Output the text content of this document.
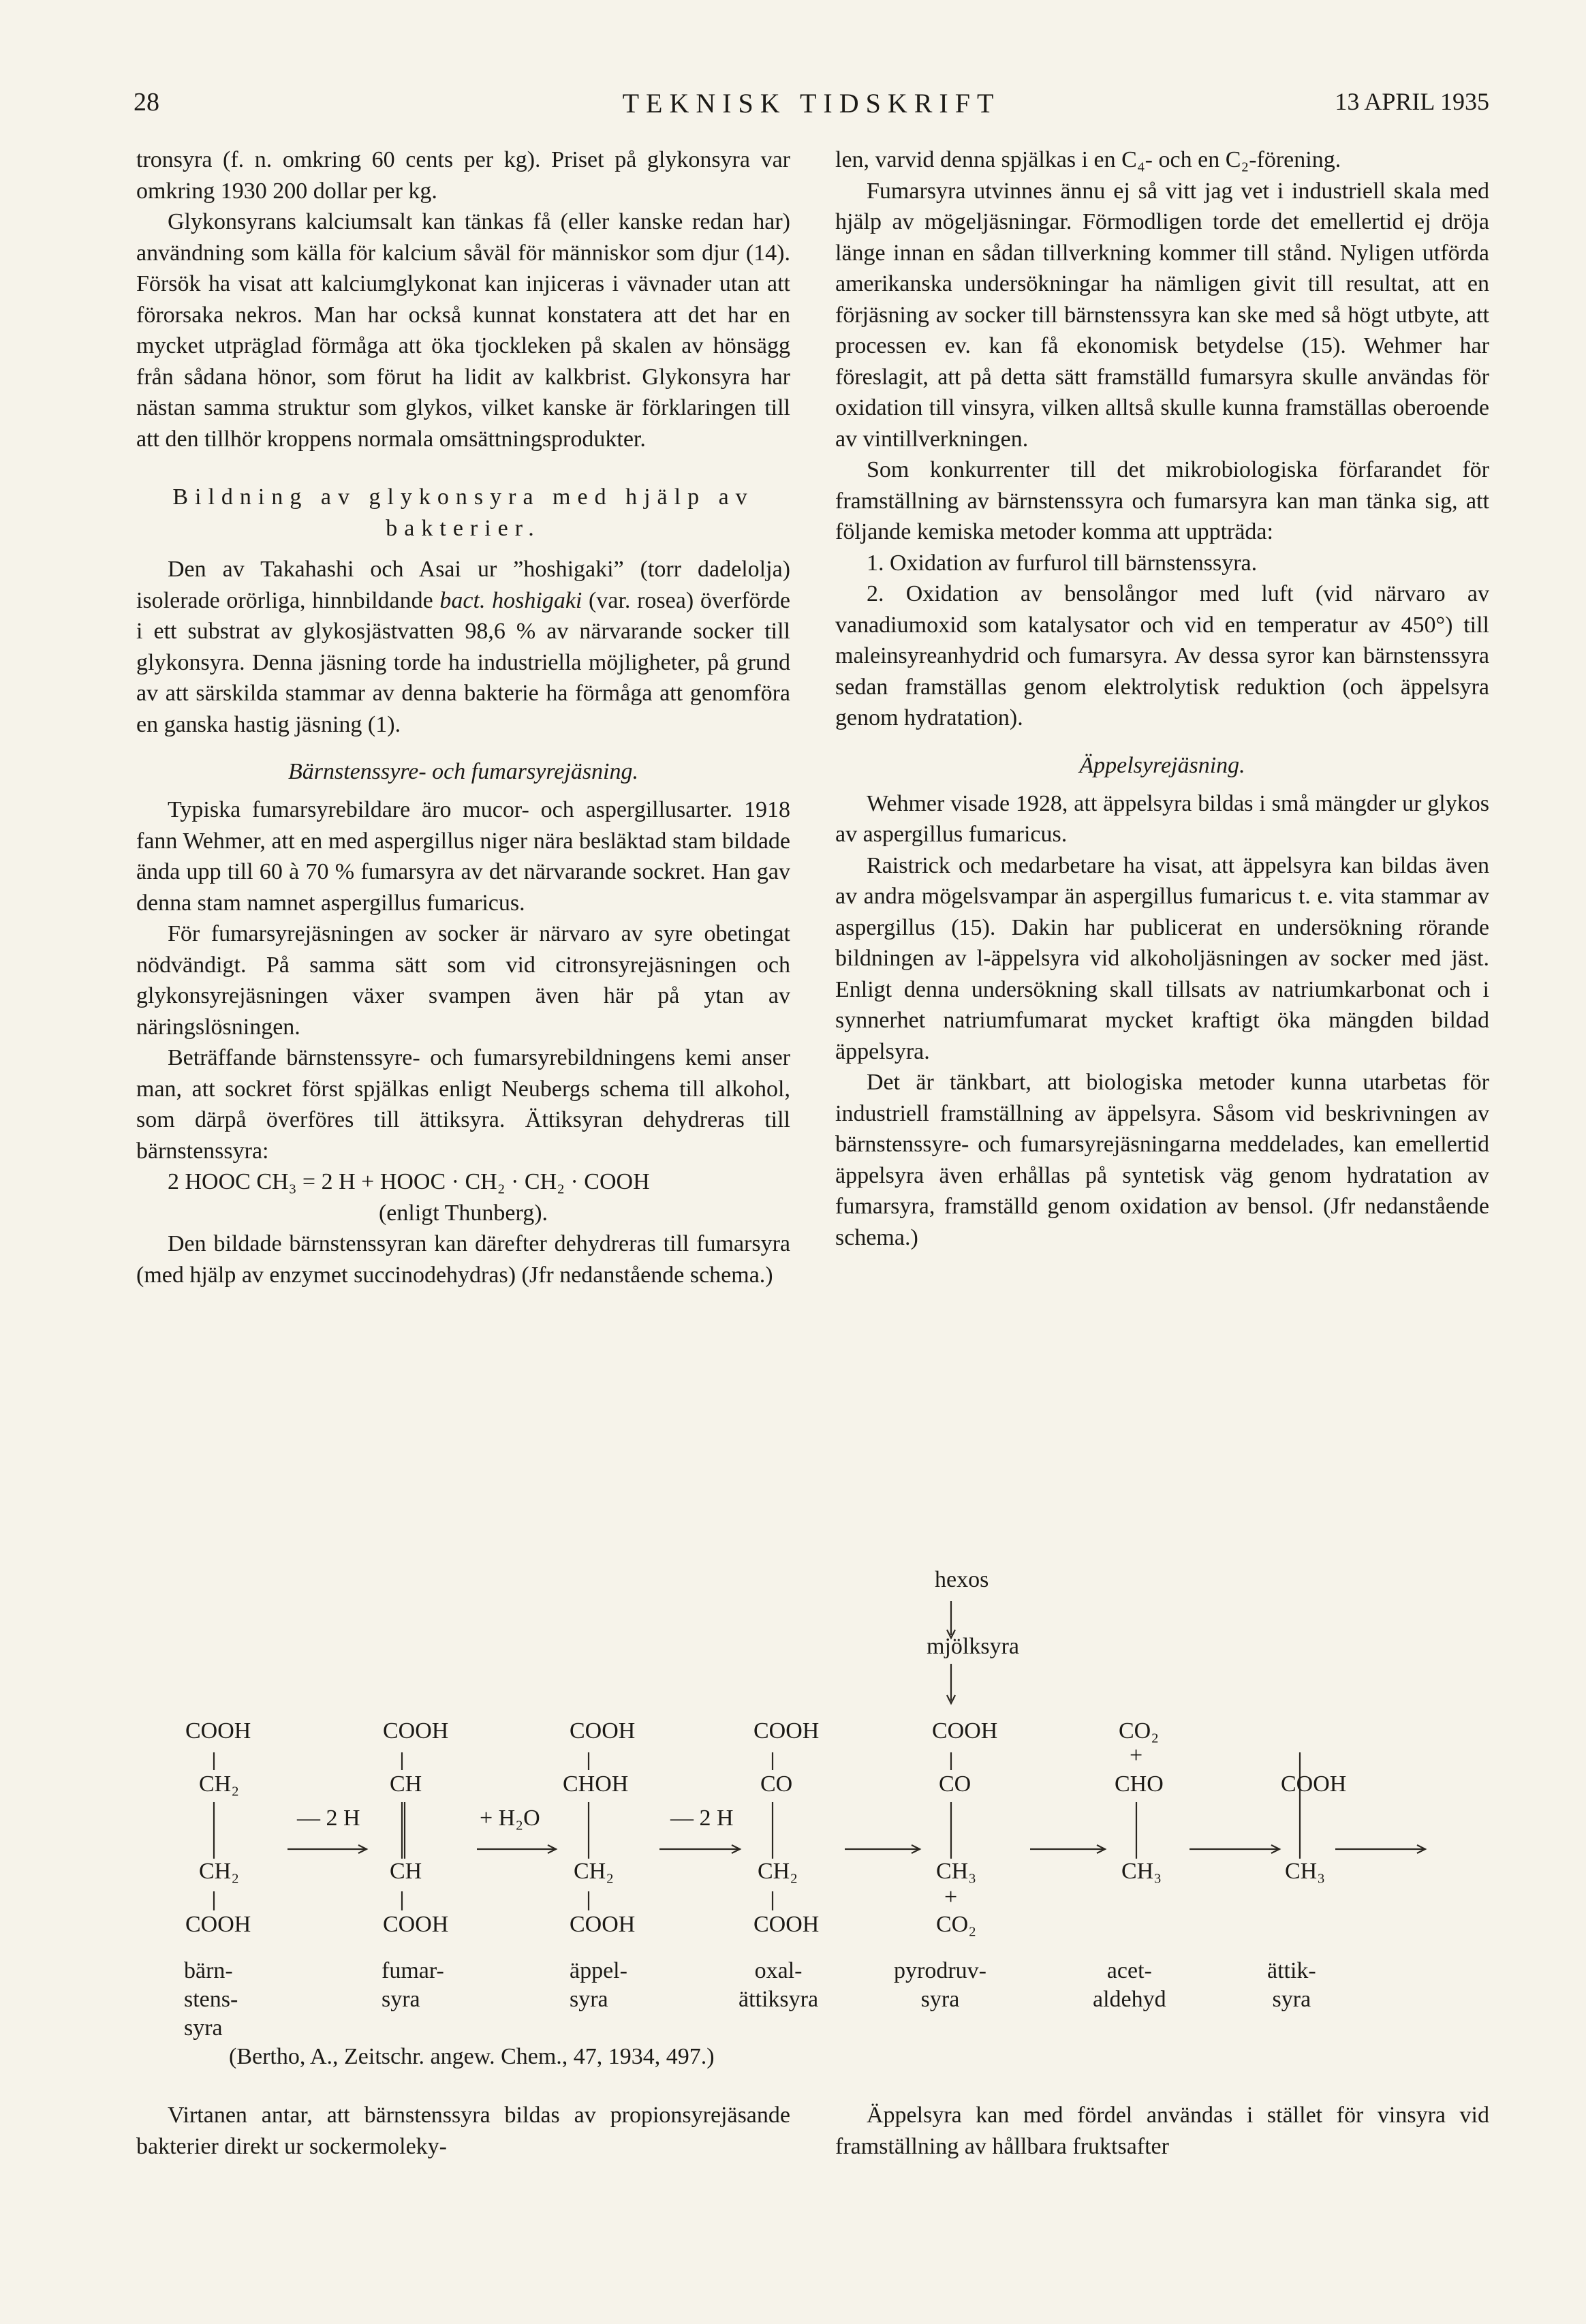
28	TEKNISK TIDSKRIFT	13 APRIL 1935

tronsyra (f. n. omkring 60 cents per kg). Priset på glykonsyra var omkring 1930 200 dollar per kg.

Glykonsyrans kalciumsalt kan tänkas få (eller kanske redan har) användning som källa för kalcium såväl för människor som djur (14). Försök ha visat att kalciumglykonat kan injiceras i vävnader utan att förorsaka nekros. Man har också kunnat konstatera att det har en mycket utpräglad förmåga att öka tjockleken på skalen av hönsägg från sådana hönor, som förut ha lidit av kalkbrist. Glykonsyra har nästan samma struktur som glykos, vilket kanske är förklaringen till att den tillhör kroppens normala omsättningsprodukter.

Bildning av glykonsyra med hjälp av bakterier.

Den av Takahashi och Asai ur ”hoshigaki” (torr dadelolja) isolerade orörliga, hinnbildande bact. hoshigaki (var. rosea) överförde i ett substrat av glykosjästvatten 98,6 % av närvarande socker till glykonsyra. Denna jäsning torde ha industriella möjligheter, på grund av att särskilda stammar av denna bakterie ha förmåga att genomföra en ganska hastig jäsning (1).

Bärnstenssyre- och fumarsyrejäsning.

Typiska fumarsyrebildare äro mucor- och aspergillusarter. 1918 fann Wehmer, att en med aspergillus niger nära besläktad stam bildade ända upp till 60 à 70 % fumarsyra av det närvarande sockret. Han gav denna stam namnet aspergillus fumaricus.

För fumarsyrejäsningen av socker är närvaro av syre obetingat nödvändigt. På samma sätt som vid citronsyrejäsningen och glykonsyrejäsningen växer svampen även här på ytan av näringslösningen.

Beträffande bärnstenssyre- och fumarsyrebildningens kemi anser man, att sockret först spjälkas enligt Neubergs schema till alkohol, som därpå överföres till ättiksyra. Ättiksyran dehydreras till bärnstenssyra:

2 HOOC CH₃ = 2 H + HOOC · CH₂ · CH₂ · COOH

(enligt Thunberg).

Den bildade bärnstenssyran kan därefter dehydreras till fumarsyra (med hjälp av enzymet succinodehydras) (Jfr nedanstående schema.)

len, varvid denna spjälkas i en C₄- och en C₂-förening.

Fumarsyra utvinnes ännu ej så vitt jag vet i industriell skala med hjälp av mögeljäsningar. Förmodligen torde det emellertid ej dröja länge innan en sådan tillverkning kommer till stånd. Nyligen utförda amerikanska undersökningar ha nämligen givit till resultat, att en förjäsning av socker till bärnstenssyra kan ske med så högt utbyte, att processen ev. kan få ekonomisk betydelse (15). Wehmer har föreslagit, att på detta sätt framställd fumarsyra skulle användas för oxidation till vinsyra, vilken alltså skulle kunna framställas oberoende av vintillverkningen.

Som konkurrenter till det mikrobiologiska förfarandet för framställning av bärnstenssyra och fumarsyra kan man tänka sig, att följande kemiska metoder komma att uppträda:

1. Oxidation av furfurol till bärnstenssyra.

2. Oxidation av bensolångor med luft (vid närvaro av vanadiumoxid som katalysator och vid en temperatur av 450°) till maleinsyreanhydrid och fumarsyra. Av dessa syror kan bärnstenssyra sedan framställas genom elektrolytisk reduktion (och äppelsyra genom hydratation).

Äppelsyrejäsning.

Wehmer visade 1928, att äppelsyra bildas i små mängder ur glykos av aspergillus fumaricus.

Raistrick och medarbetare ha visat, att äppelsyra kan bildas även av andra mögelsvampar än aspergillus fumaricus t. e. vita stammar av aspergillus (15). Dakin har publicerat en undersökning rörande bildningen av l-äppelsyra vid alkoholjäsningen av socker med jäst. Enligt denna undersökning skall tillsats av natriumkarbonat och i synnerhet natriumfumarat mycket kraftigt öka mängden bildad äppelsyra.

Det är tänkbart, att biologiska metoder kunna utarbetas för industriell framställning av äppelsyra. Såsom vid beskrivningen av bärnstenssyre- och fumarsyrejäsningarna meddelades, kan emellertid äppelsyra även erhållas på syntetisk väg genom hydratation av fumarsyra, framställd genom oxidation av bensol. (Jfr nedanstående schema.)

hexos
mjölksyra
COOH
CH₂
CH₂
COOH
COOH
CH
CH
COOH
— 2 H
COOH
CHOH
CH₂
COOH
+ H₂O
COOH
CO
CH₂
COOH
— 2 H
COOH
CO
CH₃
+
CO₂
CO₂
+
CHO
CH₃
COOH
CH₃
bärn-
stens-
syra
fumar-
syra
äppel-
syra
oxal-
ättiksyra
pyrodruv-
syra
acet-
aldehyd
ättik-
syra
(Bertho, A., Zeitschr. angew. Chem., 47, 1934, 497.)

Virtanen antar, att bärnstenssyra bildas av propionsyrejäsande bakterier direkt ur sockermoleky-

Äppelsyra kan med fördel användas i stället för vinsyra vid framställning av hållbara fruktsafter
